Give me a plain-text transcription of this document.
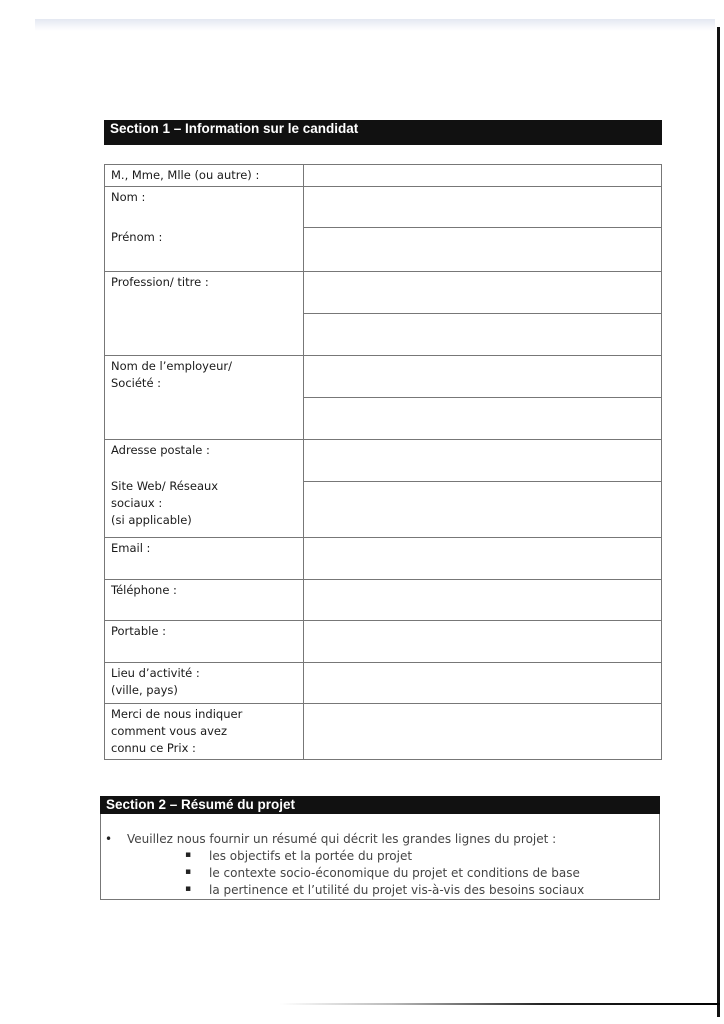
Section 1 – Information sur le candidat
M., Mme, Mlle (ou autre) :	

Nom :
Prénom :	

Profession/ titre :	

Nom de l’employeur/
Société :	

Adresse postale :
Site Web/ Réseaux
sociaux :
(si applicable)	

Email :	
Téléphone :	
Portable :	

Lieu d’activité :
(ville, pays)	

Merci de nous indiquer
comment vous avez
connu ce Prix :	

Section 2 – Résumé du projet
• Veuillez nous fournir un résumé qui décrit les grandes lignes du projet :
▪ les objectifs et la portée du projet
▪ le contexte socio-économique du projet et conditions de base
▪ la pertinence et l’utilité du projet vis-à-vis des besoins sociaux
